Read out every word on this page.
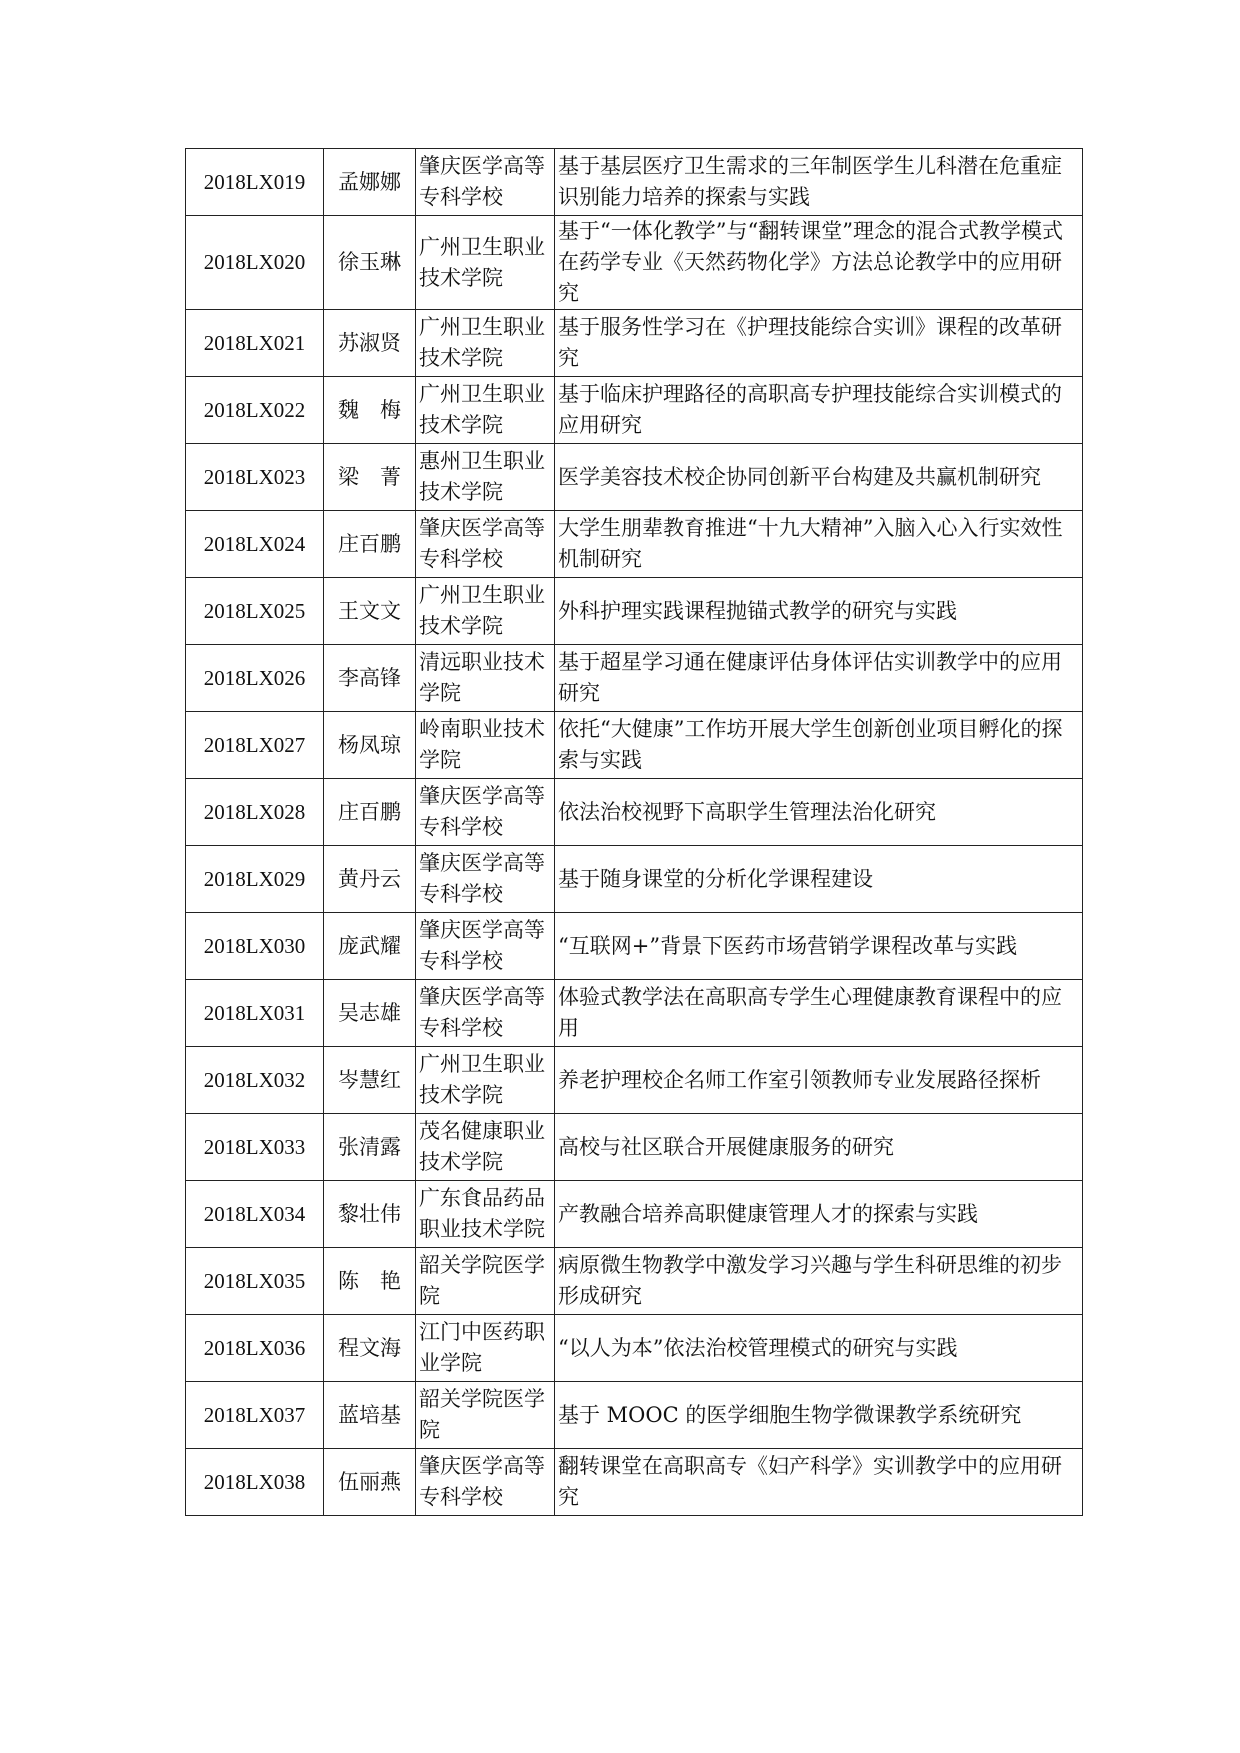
2018LX019	孟娜娜	肇庆医学高等专科学校	基于基层医疗卫生需求的三年制医学生儿科潜在危重症识别能力培养的探索与实践
2018LX020	徐玉琳	广州卫生职业技术学院	基于“一体化教学”与“翻转课堂”理念的混合式教学模式在药学专业《天然药物化学》方法总论教学中的应用研究
2018LX021	苏淑贤	广州卫生职业技术学院	基于服务性学习在《护理技能综合实训》课程的改革研究
2018LX022	魏　梅	广州卫生职业技术学院	基于临床护理路径的高职高专护理技能综合实训模式的应用研究
2018LX023	梁　菁	惠州卫生职业技术学院	医学美容技术校企协同创新平台构建及共赢机制研究
2018LX024	庄百鹏	肇庆医学高等专科学校	大学生朋辈教育推进“十九大精神”入脑入心入行实效性机制研究
2018LX025	王文文	广州卫生职业技术学院	外科护理实践课程抛锚式教学的研究与实践
2018LX026	李高锋	清远职业技术学院	基于超星学习通在健康评估身体评估实训教学中的应用研究
2018LX027	杨凤琼	岭南职业技术学院	依托“大健康”工作坊开展大学生创新创业项目孵化的探索与实践
2018LX028	庄百鹏	肇庆医学高等专科学校	依法治校视野下高职学生管理法治化研究
2018LX029	黄丹云	肇庆医学高等专科学校	基于随身课堂的分析化学课程建设
2018LX030	庞武耀	肇庆医学高等专科学校	“互联网+”背景下医药市场营销学课程改革与实践
2018LX031	吴志雄	肇庆医学高等专科学校	体验式教学法在高职高专学生心理健康教育课程中的应用
2018LX032	岑慧红	广州卫生职业技术学院	养老护理校企名师工作室引领教师专业发展路径探析
2018LX033	张清露	茂名健康职业技术学院	高校与社区联合开展健康服务的研究
2018LX034	黎壮伟	广东食品药品职业技术学院	产教融合培养高职健康管理人才的探索与实践
2018LX035	陈　艳	韶关学院医学院	病原微生物教学中激发学习兴趣与学生科研思维的初步形成研究
2018LX036	程文海	江门中医药职业学院	“以人为本”依法治校管理模式的研究与实践
2018LX037	蓝培基	韶关学院医学院	基于 MOOC 的医学细胞生物学微课教学系统研究
2018LX038	伍丽燕	肇庆医学高等专科学校	翻转课堂在高职高专《妇产科学》实训教学中的应用研究
